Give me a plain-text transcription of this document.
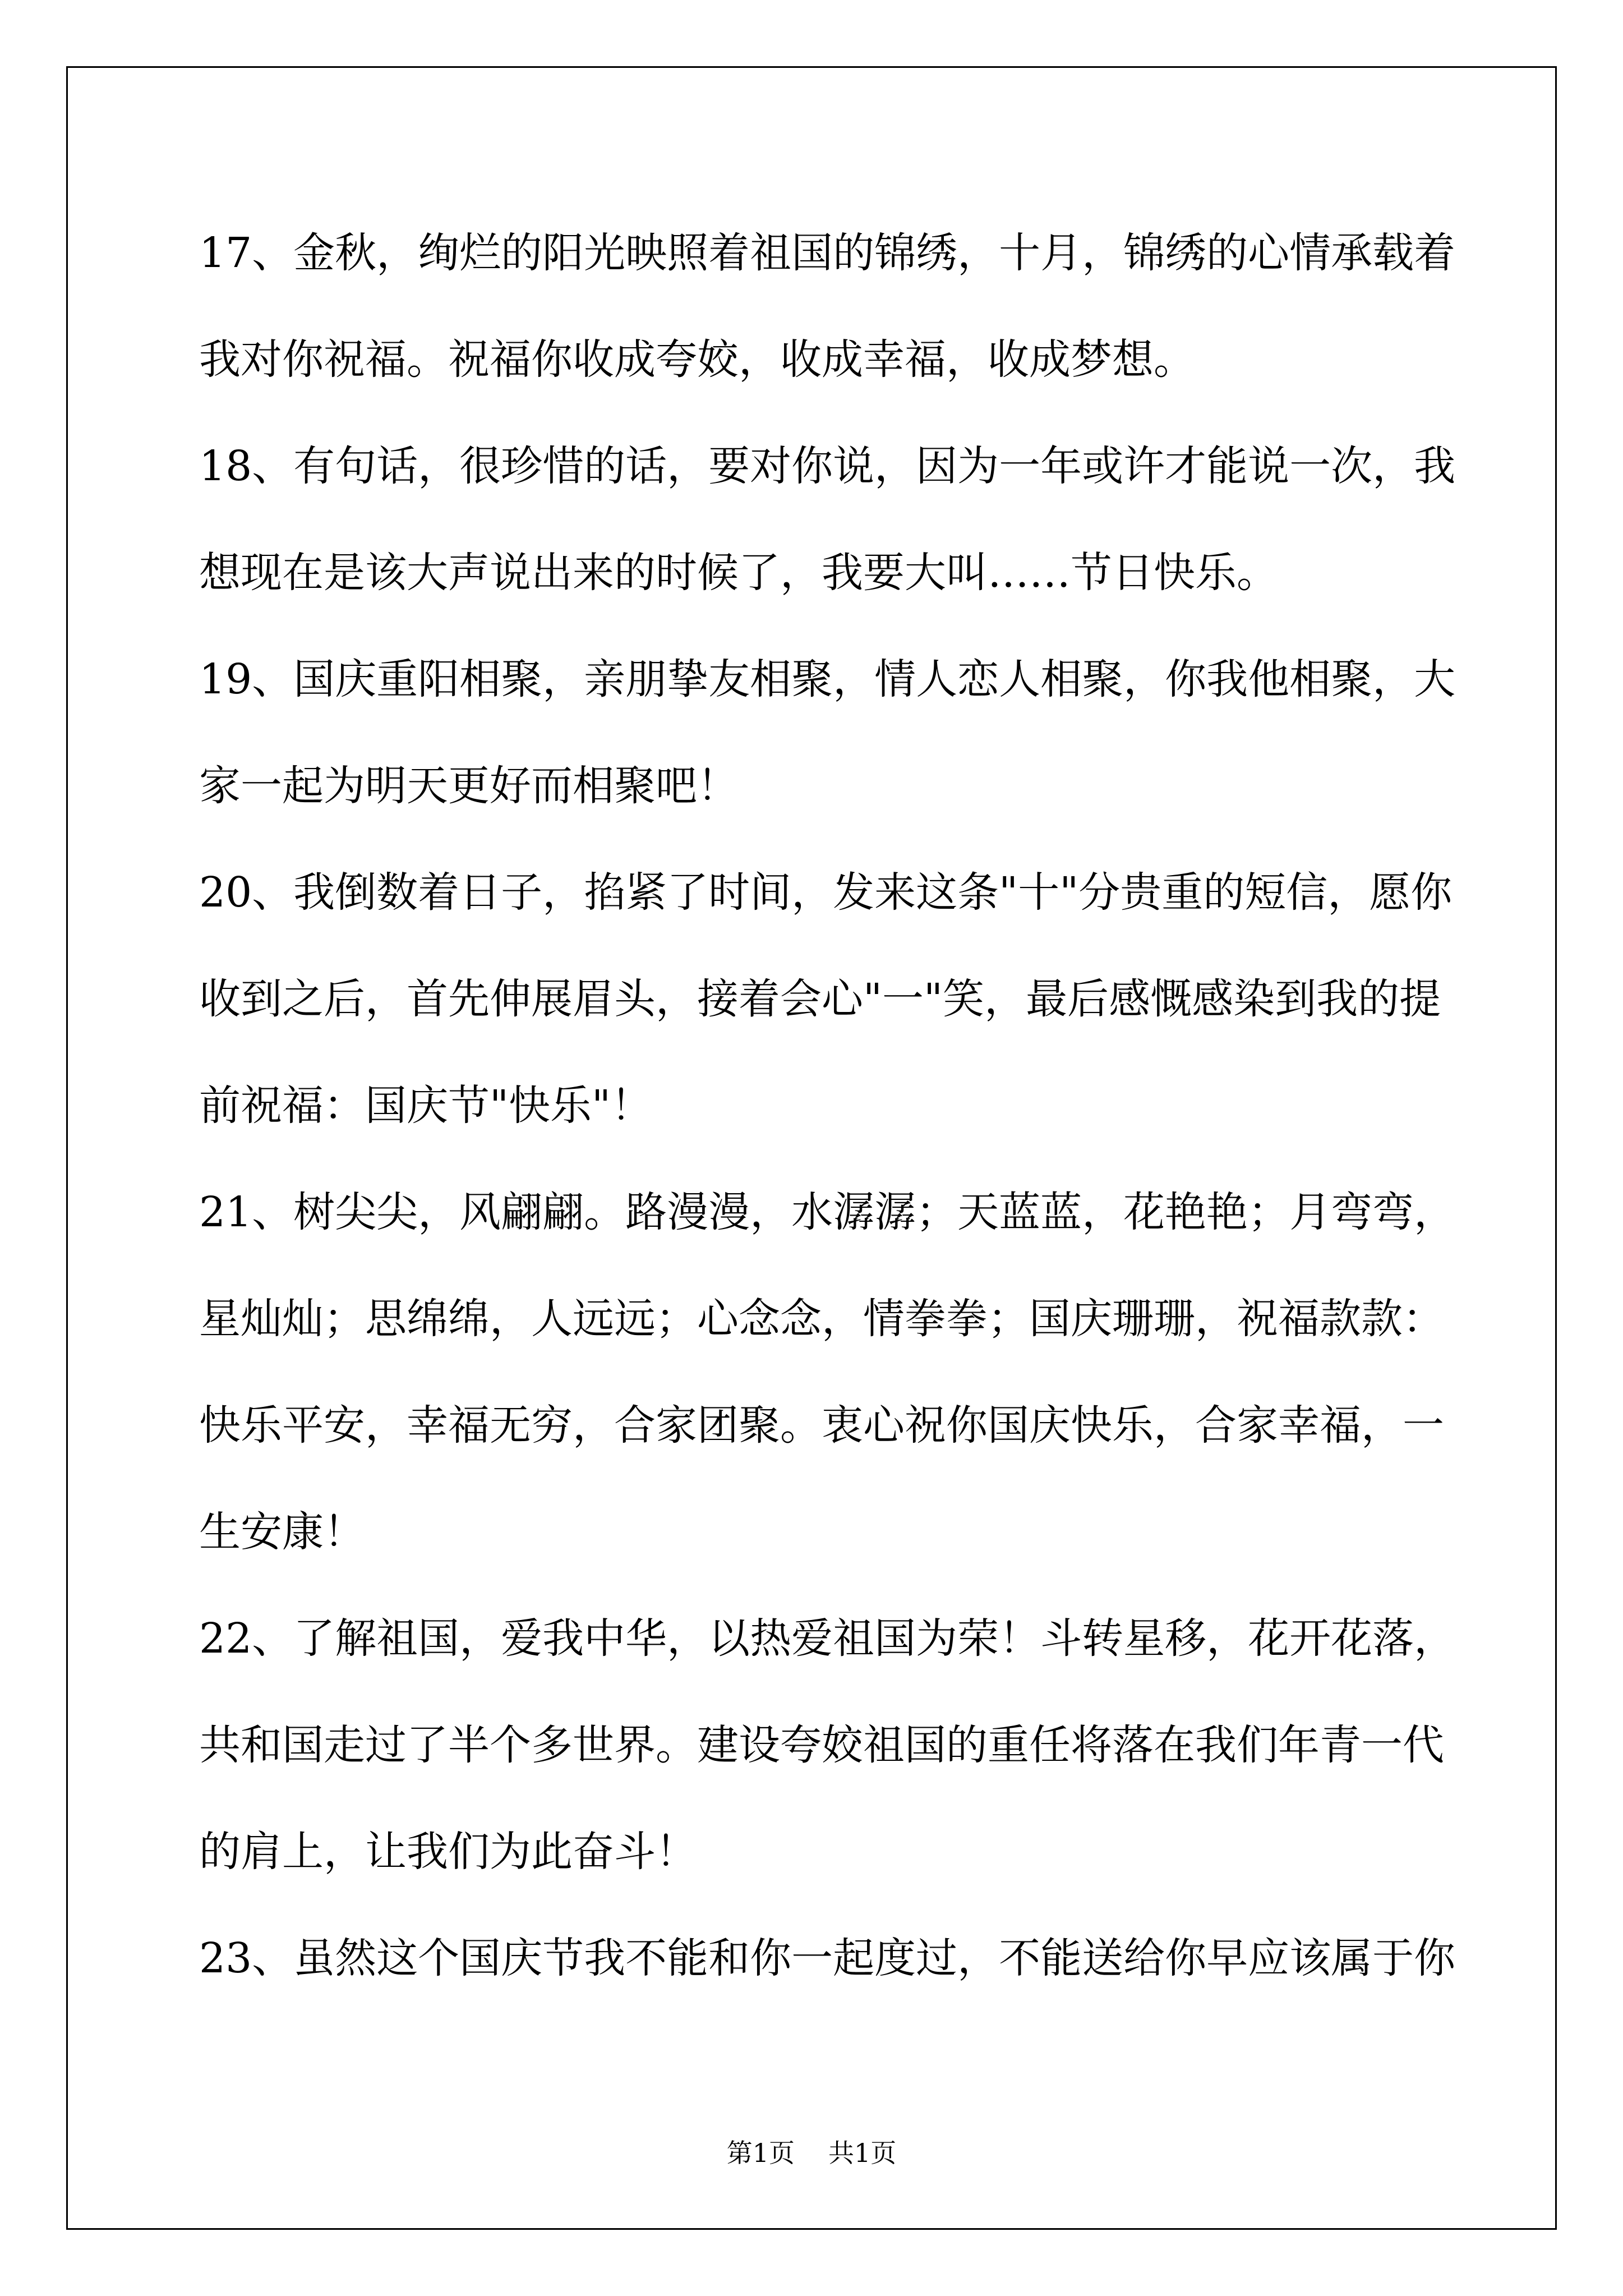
17、金秋，绚烂的阳光映照着祖国的锦绣，十月，锦绣的心情承载着
我对你祝福。祝福你收成夸姣，收成幸福，收成梦想。
18、有句话，很珍惜的话，要对你说，因为一年或许才能说一次，我
想现在是该大声说出来的时候了，我要大叫……节日快乐。
19、国庆重阳相聚，亲朋挚友相聚，情人恋人相聚，你我他相聚，大
家一起为明天更好而相聚吧！
20、我倒数着日子，掐紧了时间，发来这条"十"分贵重的短信，愿你
收到之后，首先伸展眉头，接着会心"一"笑，最后感慨感染到我的提
前祝福：国庆节"快乐"！
21、树尖尖，风翩翩。路漫漫，水潺潺；天蓝蓝，花艳艳；月弯弯，
星灿灿；思绵绵，人远远；心念念，情拳拳；国庆珊珊，祝福款款：
快乐平安，幸福无穷，合家团聚。衷心祝你国庆快乐，合家幸福，一
生安康！
22、了解祖国，爱我中华，以热爱祖国为荣！斗转星移，花开花落，
共和国走过了半个多世界。建设夸姣祖国的重任将落在我们年青一代
的肩上，让我们为此奋斗！
23、虽然这个国庆节我不能和你一起度过，不能送给你早应该属于你
第1页 共1页
